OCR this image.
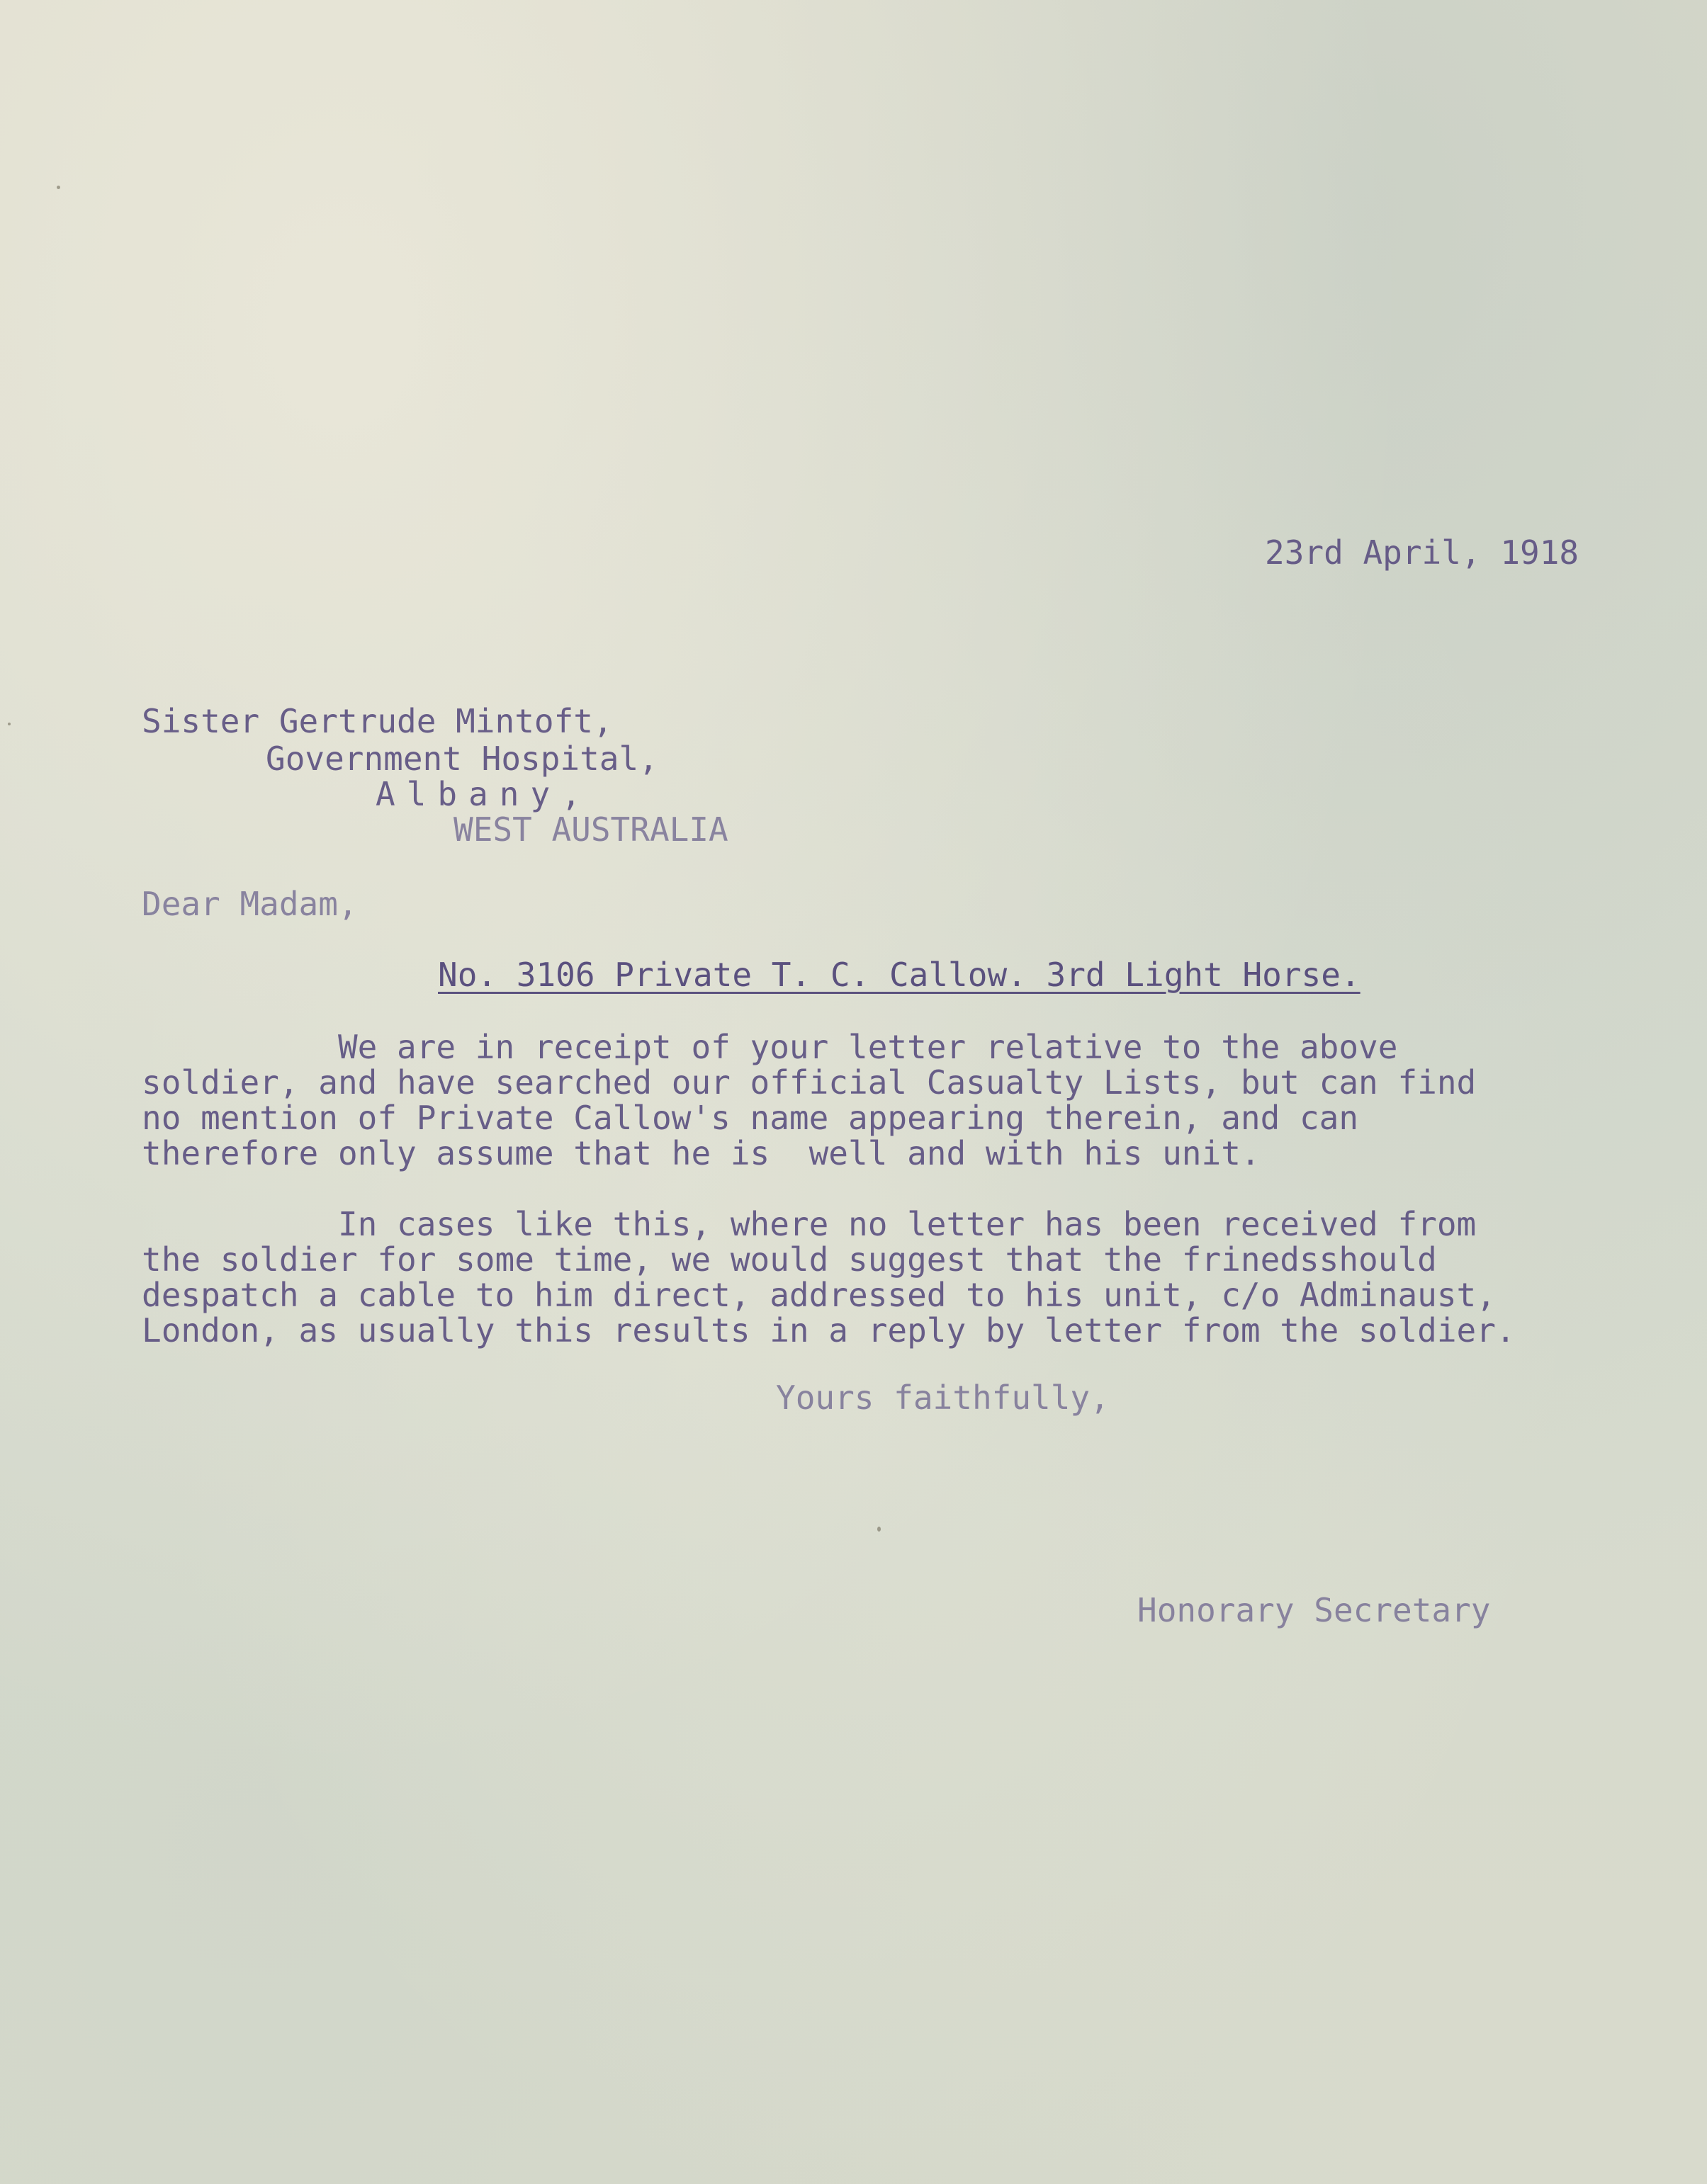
23rd April, 1918
Sister Gertrude Mintoft,
Government Hospital,
Albany,
WEST AUSTRALIA
Dear Madam,
No. 3106 Private T. C. Callow. 3rd Light Horse.
We are in receipt of your letter relative to the above
soldier, and have searched our official Casualty Lists, but can find
no mention of Private Callow's name appearing therein, and can
therefore only assume that he is  well and with his unit.
In cases like this, where no letter has been received from
the soldier for some time, we would suggest that the frinedsshould
despatch a cable to him direct, addressed to his unit, c/o Adminaust,
London, as usually this results in a reply by letter from the soldier.
Yours faithfully,
Honorary Secretary
